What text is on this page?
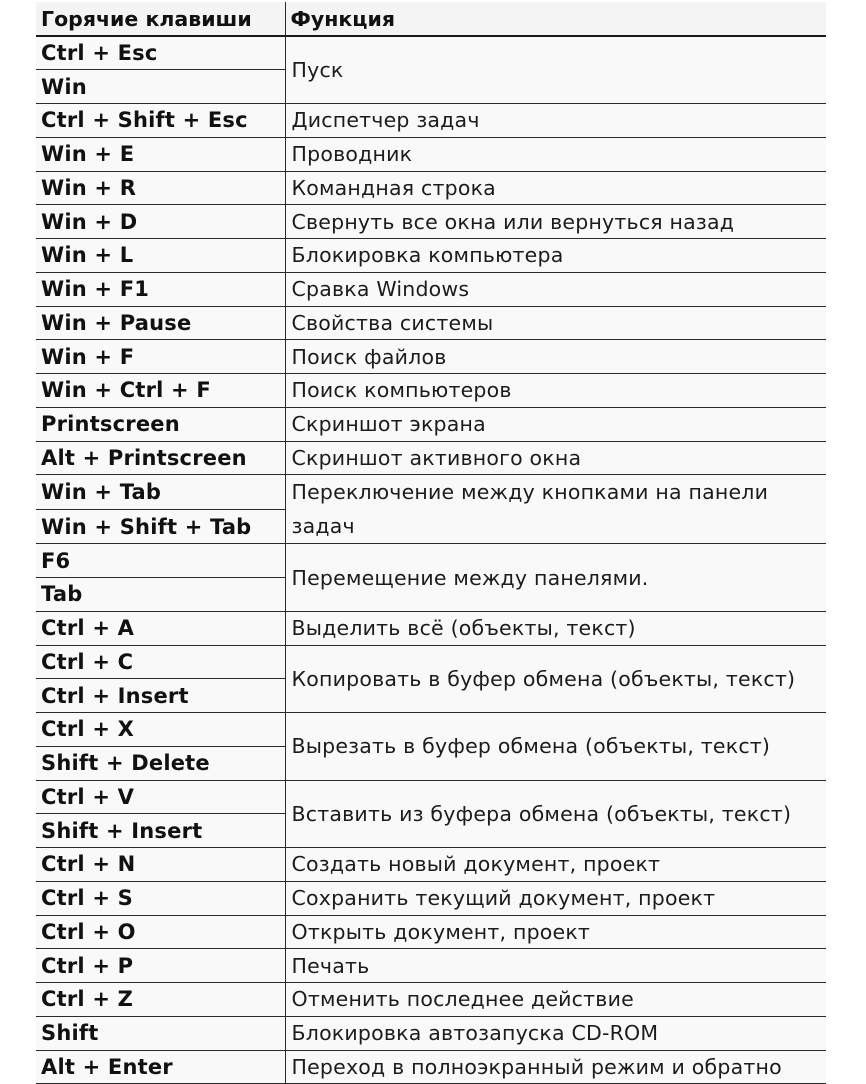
Горячие клавиши	Функция
Ctrl + Esc	Пуск
Win	
Ctrl + Shift + Esc	Диспетчер задач
Win + E	Проводник
Win + R	Командная строка
Win + D	Свернуть все окна или вернуться назад
Win + L	Блокировка компьютера
Win + F1	Сравка Windows
Win + Pause	Свойства системы
Win + F	Поиск файлов
Win + Ctrl + F	Поиск компьютеров
Printscreen	Скриншот экрана
Alt + Printscreen	Скриншот активного окна
Win + Tab	Переключение между кнопками на панели задач
Win + Shift + Tab	
F6	Перемещение между панелями.
Tab	
Ctrl + A	Выделить всё (объекты, текст)
Ctrl + C	Копировать в буфер обмена (объекты, текст)
Ctrl + Insert	
Ctrl + X	Вырезать в буфер обмена (объекты, текст)
Shift + Delete	
Ctrl + V	Вставить из буфера обмена (объекты, текст)
Shift + Insert	
Ctrl + N	Создать новый документ, проект
Ctrl + S	Сохранить текущий документ, проект
Ctrl + O	Открыть документ, проект
Ctrl + P	Печать
Ctrl + Z	Отменить последнее действие
Shift	Блокировка автозапуска CD-ROM
Alt + Enter	Переход в полноэкранный режим и обратно
